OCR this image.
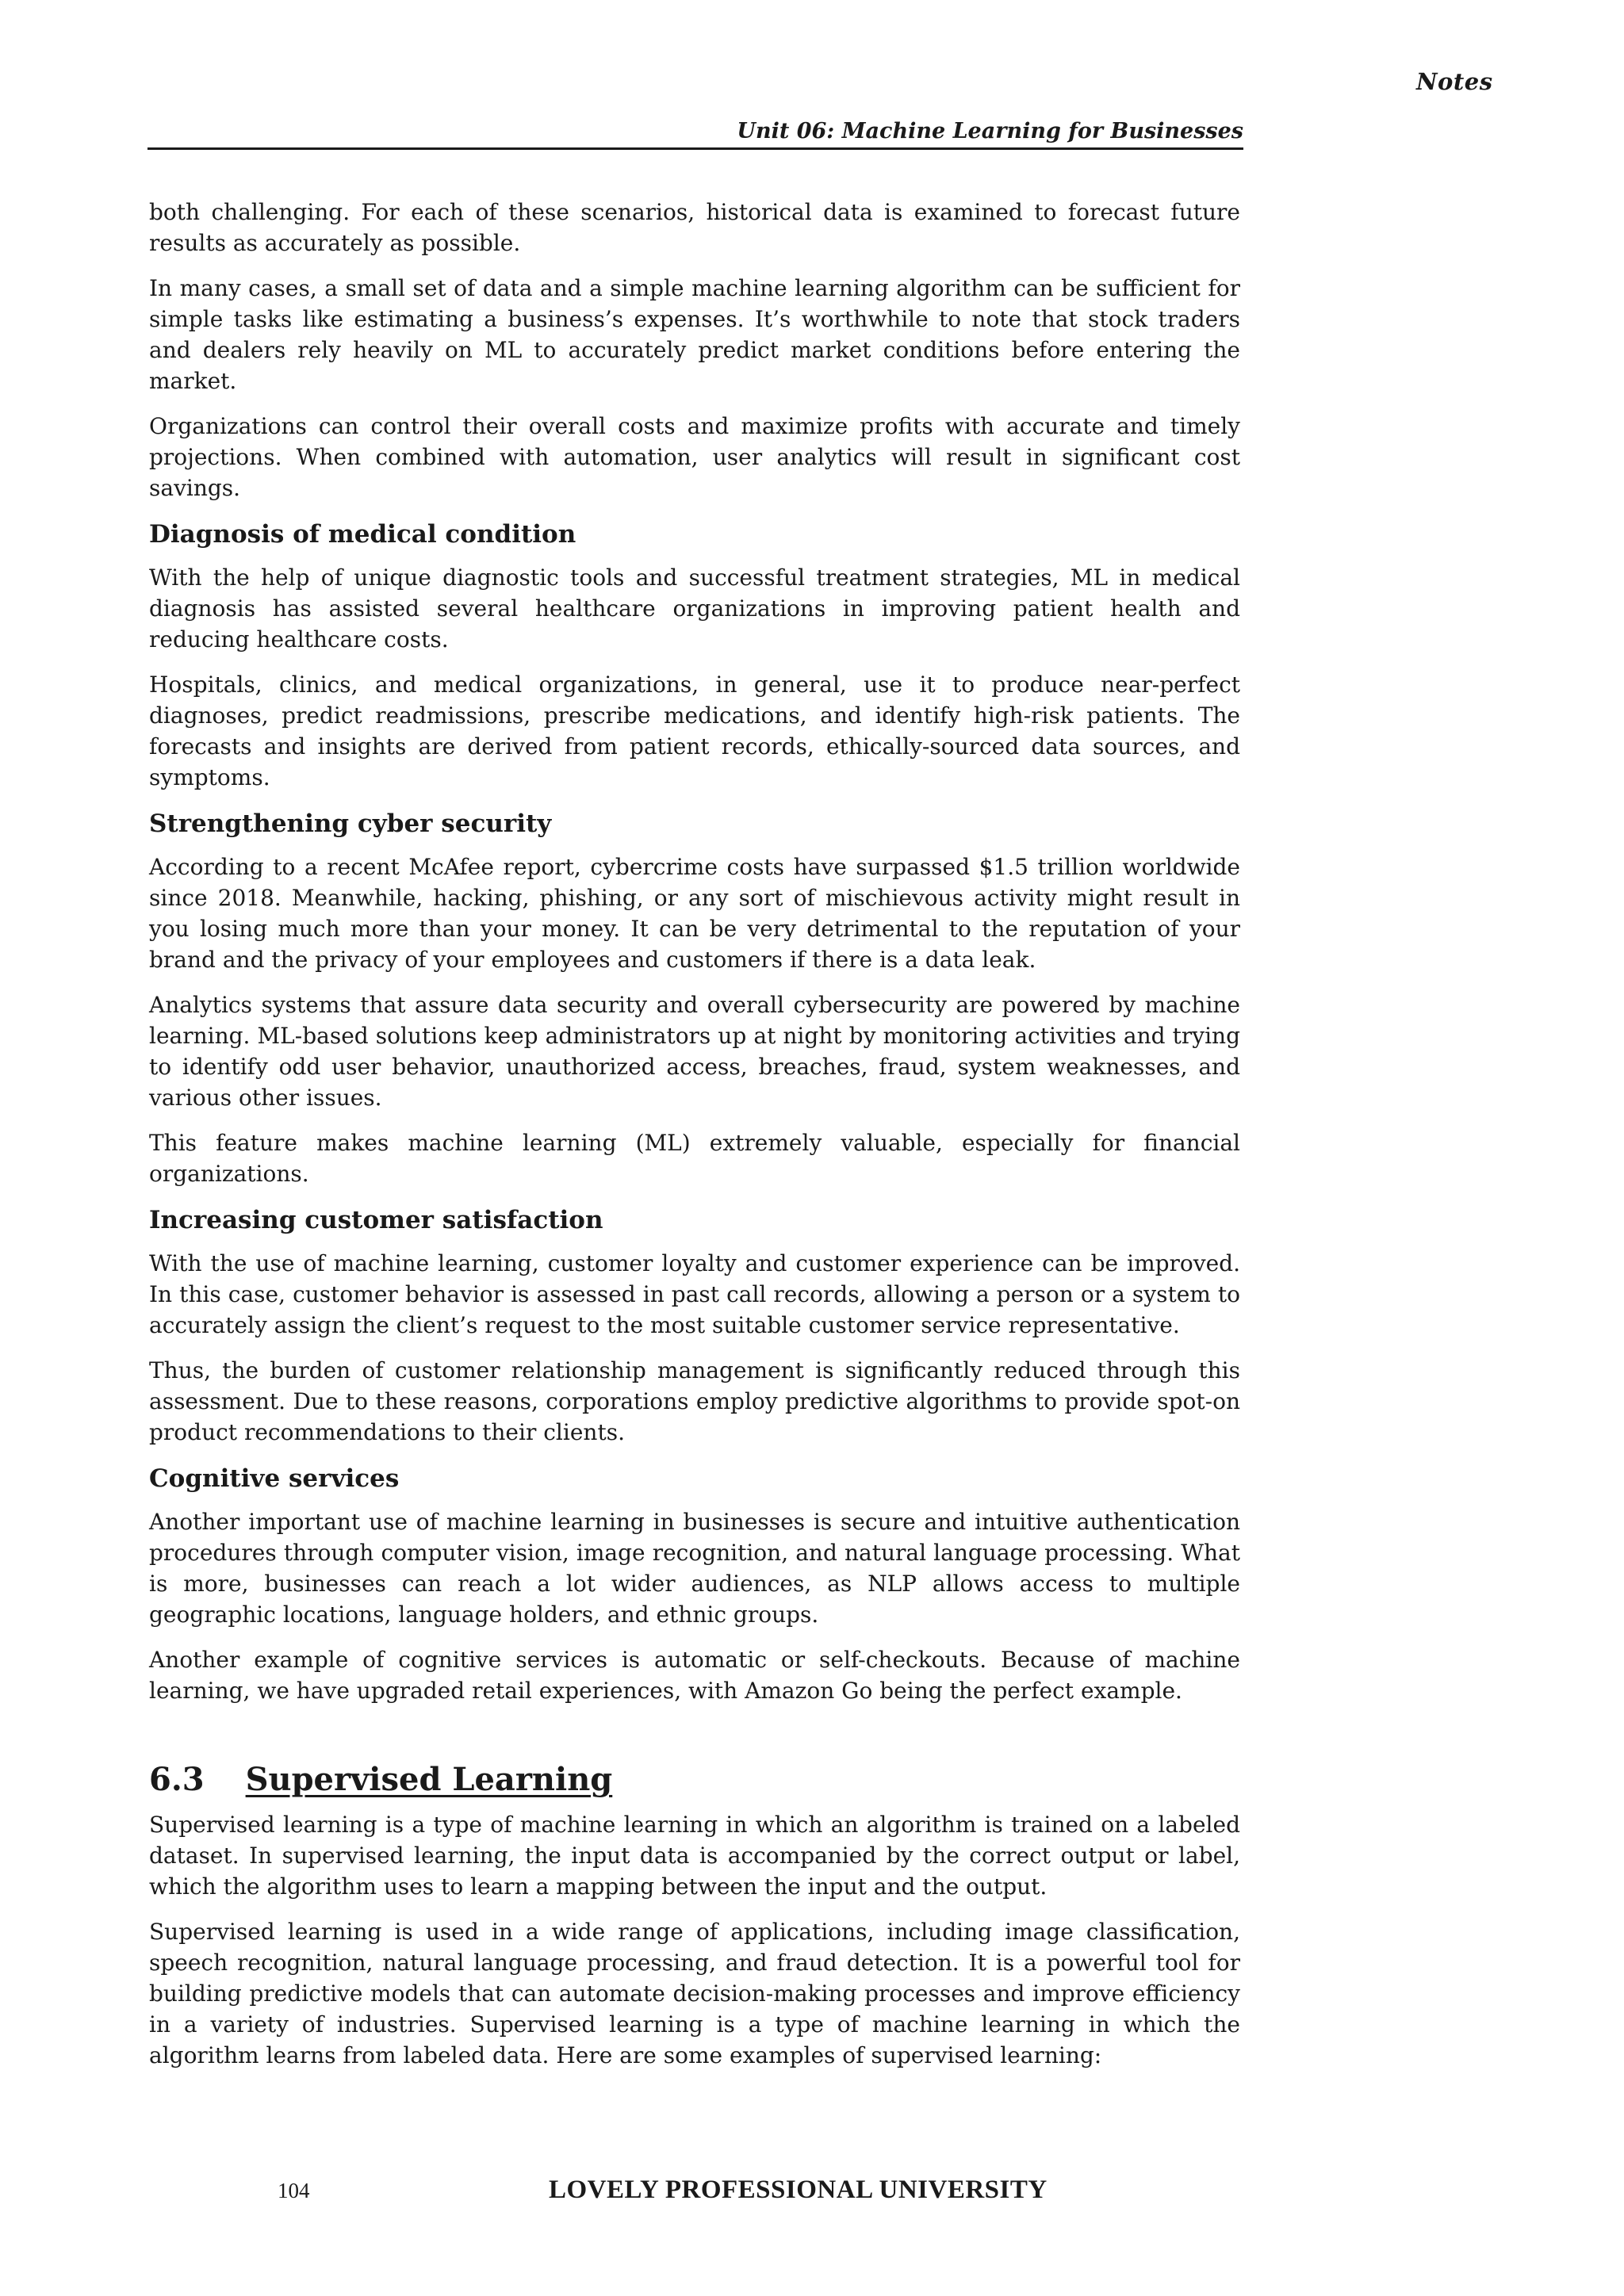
Notes
Unit 06: Machine Learning for Businesses

both challenging. For each of these scenarios, historical data is examined to forecast future results as accurately as possible.

In many cases, a small set of data and a simple machine learning algorithm can be sufficient for simple tasks like estimating a business’s expenses. It’s worthwhile to note that stock traders and dealers rely heavily on ML to accurately predict market conditions before entering the market.

Organizations can control their overall costs and maximize profits with accurate and timely projections. When combined with automation, user analytics will result in significant cost savings.

Diagnosis of medical condition

With the help of unique diagnostic tools and successful treatment strategies, ML in medical diagnosis has assisted several healthcare organizations in improving patient health and reducing healthcare costs.

Hospitals, clinics, and medical organizations, in general, use it to produce near-perfect diagnoses, predict readmissions, prescribe medications, and identify high-risk patients. The forecasts and insights are derived from patient records, ethically-sourced data sources, and symptoms.

Strengthening cyber security

According to a recent McAfee report, cybercrime costs have surpassed $1.5 trillion worldwide since 2018. Meanwhile, hacking, phishing, or any sort of mischievous activity might result in you losing much more than your money. It can be very detrimental to the reputation of your brand and the privacy of your employees and customers if there is a data leak.

Analytics systems that assure data security and overall cybersecurity are powered by machine learning. ML-based solutions keep administrators up at night by monitoring activities and trying to identify odd user behavior, unauthorized access, breaches, fraud, system weaknesses, and various other issues.

This feature makes machine learning (ML) extremely valuable, especially for financial organizations.

Increasing customer satisfaction

With the use of machine learning, customer loyalty and customer experience can be improved. In this case, customer behavior is assessed in past call records, allowing a person or a system to accurately assign the client’s request to the most suitable customer service representative.

Thus, the burden of customer relationship management is significantly reduced through this assessment. Due to these reasons, corporations employ predictive algorithms to provide spot-on product recommendations to their clients.

Cognitive services

Another important use of machine learning in businesses is secure and intuitive authentication procedures through computer vision, image recognition, and natural language processing. What is more, businesses can reach a lot wider audiences, as NLP allows access to multiple geographic locations, language holders, and ethnic groups.

Another example of cognitive services is automatic or self-checkouts. Because of machine learning, we have upgraded retail experiences, with Amazon Go being the perfect example.

6.3 Supervised Learning

Supervised learning is a type of machine learning in which an algorithm is trained on a labeled dataset. In supervised learning, the input data is accompanied by the correct output or label, which the algorithm uses to learn a mapping between the input and the output.

Supervised learning is used in a wide range of applications, including image classification, speech recognition, natural language processing, and fraud detection. It is a powerful tool for building predictive models that can automate decision-making processes and improve efficiency in a variety of industries. Supervised learning is a type of machine learning in which the algorithm learns from labeled data. Here are some examples of supervised learning:

104	LOVELY PROFESSIONAL UNIVERSITY
